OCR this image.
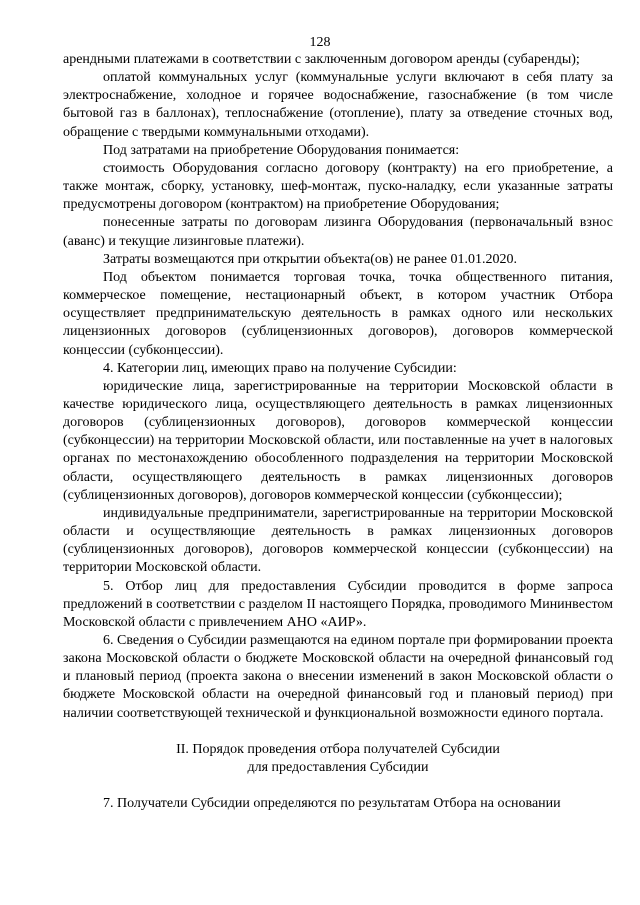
128

арендными платежами в соответствии с заключенным договором аренды (субаренды);

оплатой коммунальных услуг (коммунальные услуги включают в себя плату за электроснабжение, холодное и горячее водоснабжение, газоснабжение (в том числе бытовой газ в баллонах), теплоснабжение (отопление), плату за отведение сточных вод, обращение с твердыми коммунальными отходами).

Под затратами на приобретение Оборудования понимается:

стоимость Оборудования согласно договору (контракту) на его приобретение, а также монтаж, сборку, установку, шеф-монтаж, пуско-наладку, если указанные затраты предусмотрены договором (контрактом) на приобретение Оборудования;

понесенные затраты по договорам лизинга Оборудования (первоначальный взнос (аванс) и текущие лизинговые платежи).

Затраты возмещаются при открытии объекта(ов) не ранее 01.01.2020.

Под объектом понимается торговая точка, точка общественного питания, коммерческое помещение, нестационарный объект, в котором участник Отбора осуществляет предпринимательскую деятельность в рамках одного или нескольких лицензионных договоров (сублицензионных договоров), договоров коммерческой концессии (субконцессии).

4. Категории лиц, имеющих право на получение Субсидии:

юридические лица, зарегистрированные на территории Московской области в качестве юридического лица, осуществляющего деятельность в рамках лицензионных договоров (сублицензионных договоров), договоров коммерческой концессии (субконцессии) на территории Московской области, или поставленные на учет в налоговых органах по местонахождению обособленного подразделения на территории Московской области, осуществляющего деятельность в рамках лицензионных договоров (сублицензионных договоров), договоров коммерческой концессии (субконцессии);

индивидуальные предприниматели, зарегистрированные на территории Московской области и осуществляющие деятельность в рамках лицензионных договоров (сублицензионных договоров), договоров коммерческой концессии (субконцессии) на территории Московской области.

5. Отбор лиц для предоставления Субсидии проводится в форме запроса предложений в соответствии с разделом II настоящего Порядка, проводимого Мининвестом Московской области с привлечением АНО «АИР».

6. Сведения о Субсидии размещаются на едином портале при формировании проекта закона Московской области о бюджете Московской области на очередной финансовый год и плановый период (проекта закона о внесении изменений в закон Московской области о бюджете Московской области на очередной финансовый год и плановый период) при наличии соответствующей технической и функциональной возможности единого портала.

II. Порядок проведения отбора получателей Субсидии

для предоставления Субсидии

7. Получатели Субсидии определяются по результатам Отбора на основании
